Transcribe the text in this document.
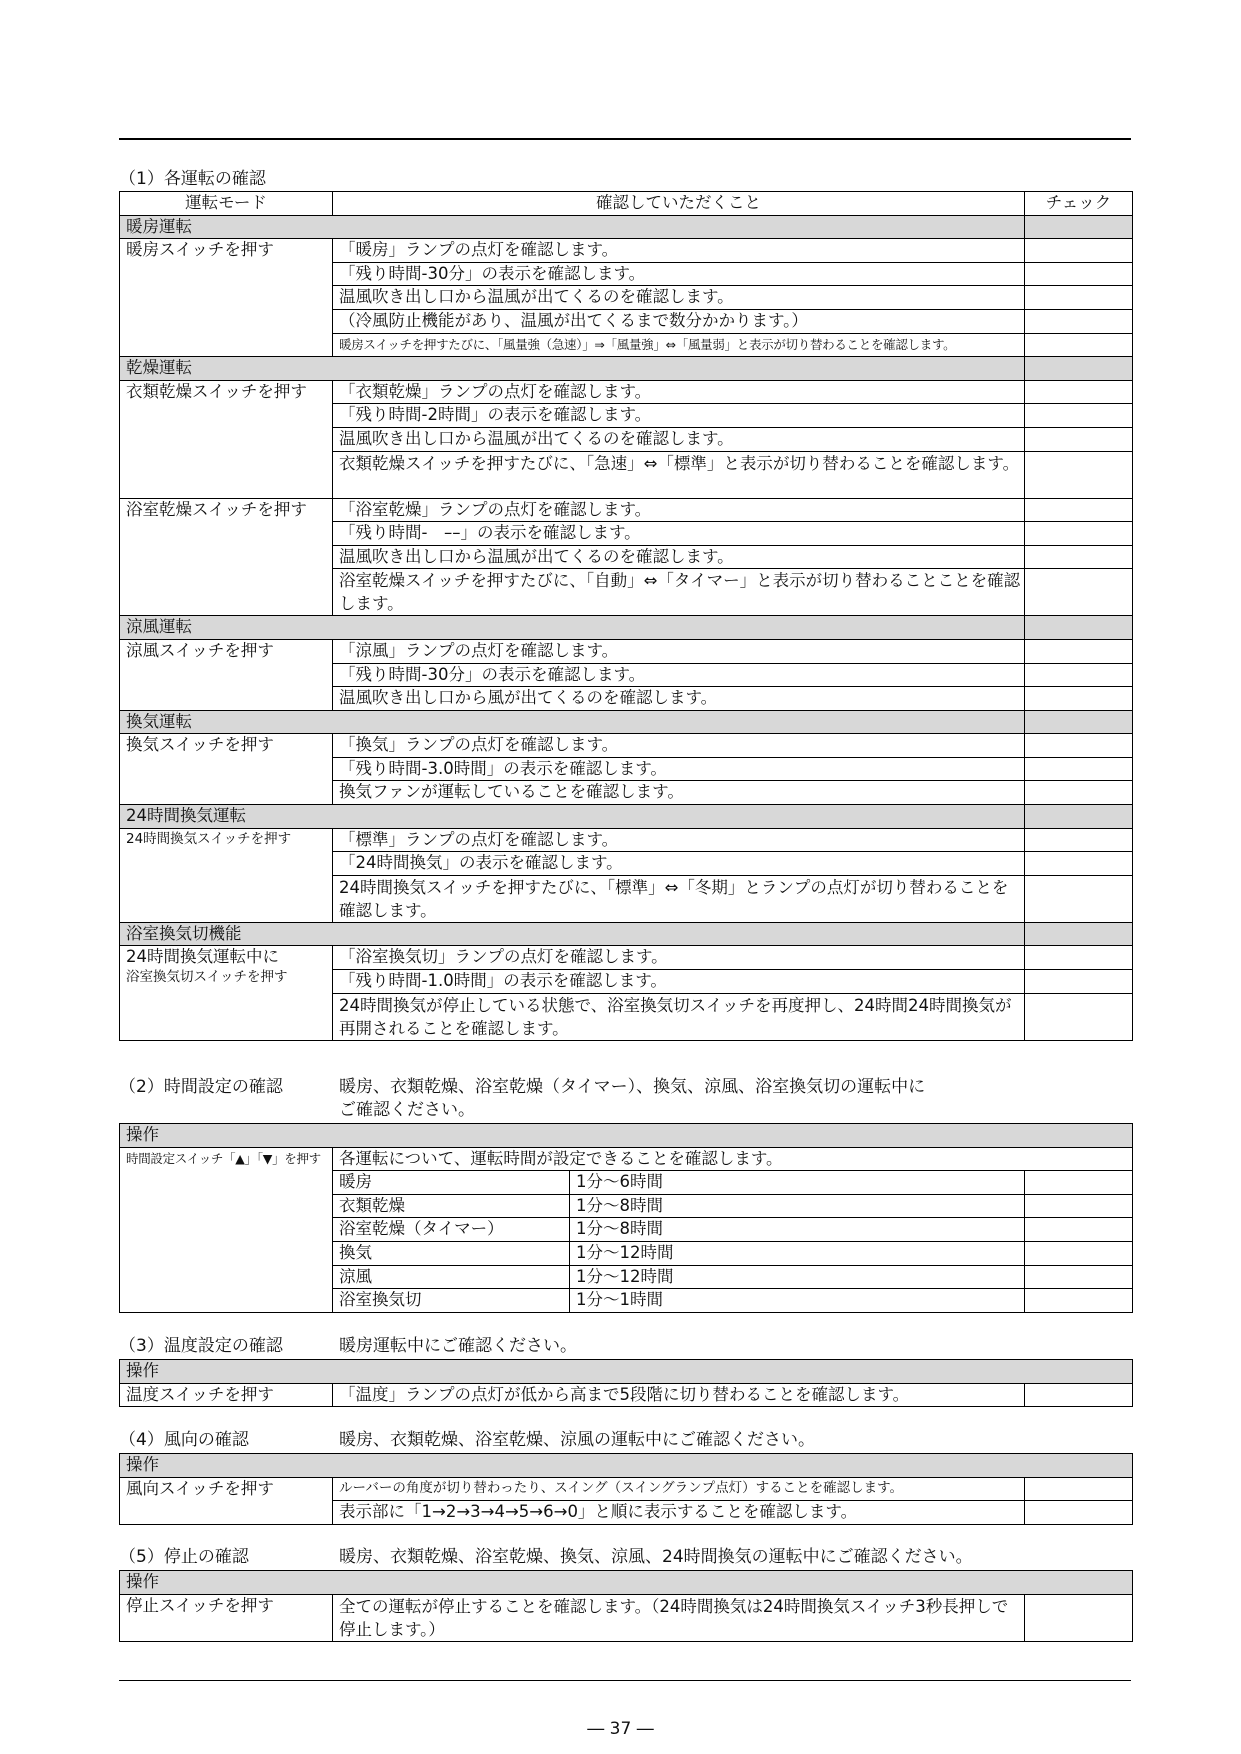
（1）各運転の確認
運転モード	確認していただくこと	チェック
暖房運転		
暖房スイッチを押す	「暖房」ランプの点灯を確認します。	
	「残り時間-30分」の表示を確認します。	
	温風吹き出し口から温風が出てくるのを確認します。	
	（冷風防止機能があり、温風が出てくるまで数分かかります。）	
	暖房スイッチを押すたびに、「風量強（急速）」⇒「風量強」⇔「風量弱」と表示が切り替わることを確認します。	
乾燥運転		
衣類乾燥スイッチを押す	「衣類乾燥」ランプの点灯を確認します。	
	「残り時間-2時間」の表示を確認します。	
	温風吹き出し口から温風が出てくるのを確認します。	
	衣類乾燥スイッチを押すたびに、「急速」⇔「標準」と表示が切り替わることを確認します。	
浴室乾燥スイッチを押す	「浴室乾燥」ランプの点灯を確認します。	
	「残り時間-　––」の表示を確認します。	
	温風吹き出し口から温風が出てくるのを確認します。	
	浴室乾燥スイッチを押すたびに、「自動」⇔「タイマー」と表示が切り替わることことを確認します。	
涼風運転		
涼風スイッチを押す	「涼風」ランプの点灯を確認します。	
	「残り時間-30分」の表示を確認します。	
	温風吹き出し口から風が出てくるのを確認します。	
換気運転		
換気スイッチを押す	「換気」ランプの点灯を確認します。	
	「残り時間-3.0時間」の表示を確認します。	
	換気ファンが運転していることを確認します。	
24時間換気運転		
24時間換気スイッチを押す	「標準」ランプの点灯を確認します。	
	「24時間換気」の表示を確認します。	
	24時間換気スイッチを押すたびに、「標準」⇔「冬期」とランプの点灯が切り替わることを確認します。	
浴室換気切機能		

24時間換気運転中に
浴室換気切スイッチを押す	「浴室換気切」ランプの点灯を確認します。	
	「残り時間-1.0時間」の表示を確認します。	
	24時間換気が停止している状態で、浴室換気切スイッチを再度押し、24時間24時間換気が再開されることを確認します。	
（2）時間設定の確認	暖房、衣類乾燥、浴室乾燥（タイマー）、換気、涼風、浴室換気切の運転中に
ご確認ください。
操作			
時間設定スイッチ「▲」「▼」を押す	各運転について、運転時間が設定できることを確認します。		
	暖房	1分～6時間	
	衣類乾燥	1分～8時間	
	浴室乾燥（タイマー）	1分～8時間	
	換気	1分～12時間	
	涼風	1分～12時間	
	浴室換気切	1分～1時間	
（3）温度設定の確認	暖房運転中にご確認ください。
操作
温度スイッチを押す	「温度」ランプの点灯が低から高まで5段階に切り替わることを確認します。	
（4）風向の確認	暖房、衣類乾燥、浴室乾燥、涼風の運転中にご確認ください。
操作		
風向スイッチを押す	ルーバーの角度が切り替わったり、スイング（スイングランプ点灯）することを確認します。	
	表示部に「1→2→3→4→5→6→0」と順に表示することを確認します。	
（5）停止の確認	暖房、衣類乾燥、浴室乾燥、換気、涼風、24時間換気の運転中にご確認ください。
操作
停止スイッチを押す	全ての運転が停止することを確認します。（24時間換気は24時間換気スイッチ3秒長押しで停止します。）	
― 37 ―
